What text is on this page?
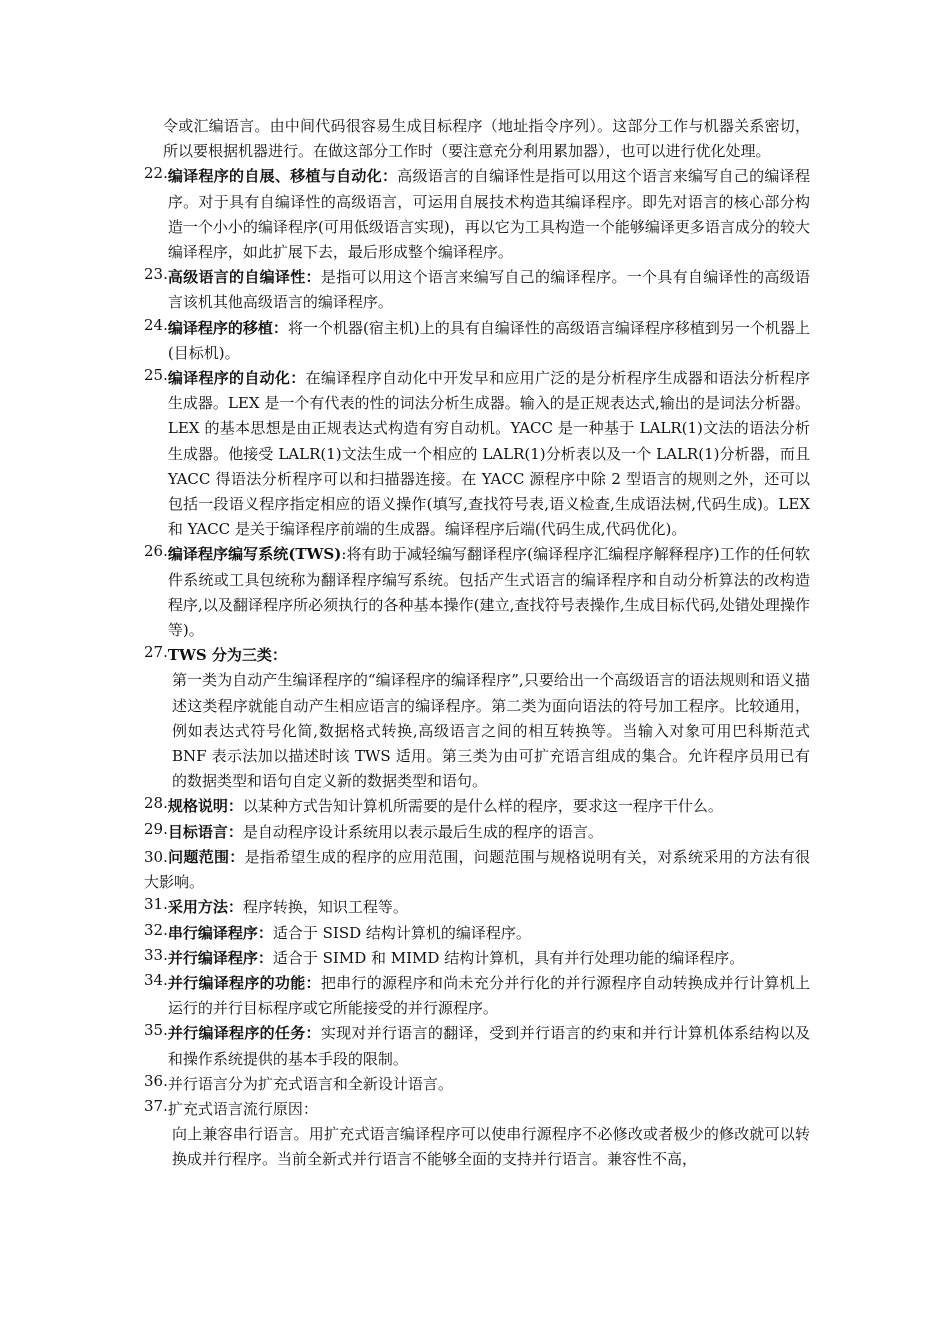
令或汇编语言。由中间代码很容易生成目标程序（地址指令序列）。这部分工作与机器关系密切，所以要根据机器进行。在做这部分工作时（要注意充分利用累加器），也可以进行优化处理。

22. 编译程序的自展、移植与自动化：高级语言的自编译性是指可以用这个语言来编写自己的编译程序。对于具有自编译性的高级语言，可运用自展技术构造其编译程序。即先对语言的核心部分构造一个小小的编译程序(可用低级语言实现)，再以它为工具构造一个能够编译更多语言成分的较大编译程序，如此扩展下去，最后形成整个编译程序。
23. 高级语言的自编译性：是指可以用这个语言来编写自己的编译程序。一个具有自编译性的高级语言该机其他高级语言的编译程序。
24. 编译程序的移植：将一个机器(宿主机)上的具有自编译性的高级语言编译程序移植到另一个机器上(目标机)。
25. 编译程序的自动化：在编译程序自动化中开发早和应用广泛的是分析程序生成器和语法分析程序生成器。LEX 是一个有代表的性的词法分析生成器。输入的是正规表达式,输出的是词法分析器。LEX 的基本思想是由正规表达式构造有穷自动机。YACC 是一种基于 LALR(1)文法的语法分析生成器。他接受 LALR(1)文法生成一个相应的 LALR(1)分析表以及一个 LALR(1)分析器，而且 YACC 得语法分析程序可以和扫描器连接。在 YACC 源程序中除 2 型语言的规则之外，还可以包括一段语义程序指定相应的语义操作(填写,查找符号表,语义检查,生成语法树,代码生成)。LEX 和 YACC 是关于编译程序前端的生成器。编译程序后端(代码生成,代码优化)。
26. 编译程序编写系统(TWS):将有助于减轻编写翻译程序(编译程序汇编程序解释程序)工作的任何软件系统或工具包统称为翻译程序编写系统。包括产生式语言的编译程序和自动分析算法的改构造程序,以及翻译程序所必须执行的各种基本操作(建立,查找符号表操作,生成目标代码,处错处理操作等)。
27. TWS 分为三类：
第一类为自动产生编译程序的“编译程序的编译程序”,只要给出一个高级语言的语法规则和语义描述这类程序就能自动产生相应语言的编译程序。第二类为面向语法的符号加工程序。比较通用，例如表达式符号化简,数据格式转换,高级语言之间的相互转换等。当输入对象可用巴科斯范式 BNF 表示法加以描述时该 TWS 适用。第三类为由可扩充语言组成的集合。允许程序员用已有的数据类型和语句自定义新的数据类型和语句。
28. 规格说明：以某种方式告知计算机所需要的是什么样的程序，要求这一程序干什么。
29. 目标语言：是自动程序设计系统用以表示最后生成的程序的语言。
30.问题范围：是指希望生成的程序的应用范围，问题范围与规格说明有关，对系统采用的方法有很大影响。
31. 采用方法：程序转换，知识工程等。
32. 串行编译程序：适合于 SISD 结构计算机的编译程序。
33. 并行编译程序：适合于 SIMD 和 MIMD 结构计算机，具有并行处理功能的编译程序。
34. 并行编译程序的功能：把串行的源程序和尚未充分并行化的并行源程序自动转换成并行计算机上运行的并行目标程序或它所能接受的并行源程序。
35. 并行编译程序的任务：实现对并行语言的翻译，受到并行语言的约束和并行计算机体系结构以及和操作系统提供的基本手段的限制。
36. 并行语言分为扩充式语言和全新设计语言。
37. 扩充式语言流行原因：
向上兼容串行语言。用扩充式语言编译程序可以使串行源程序不必修改或者极少的修改就可以转换成并行程序。当前全新式并行语言不能够全面的支持并行语言。兼容性不高，
